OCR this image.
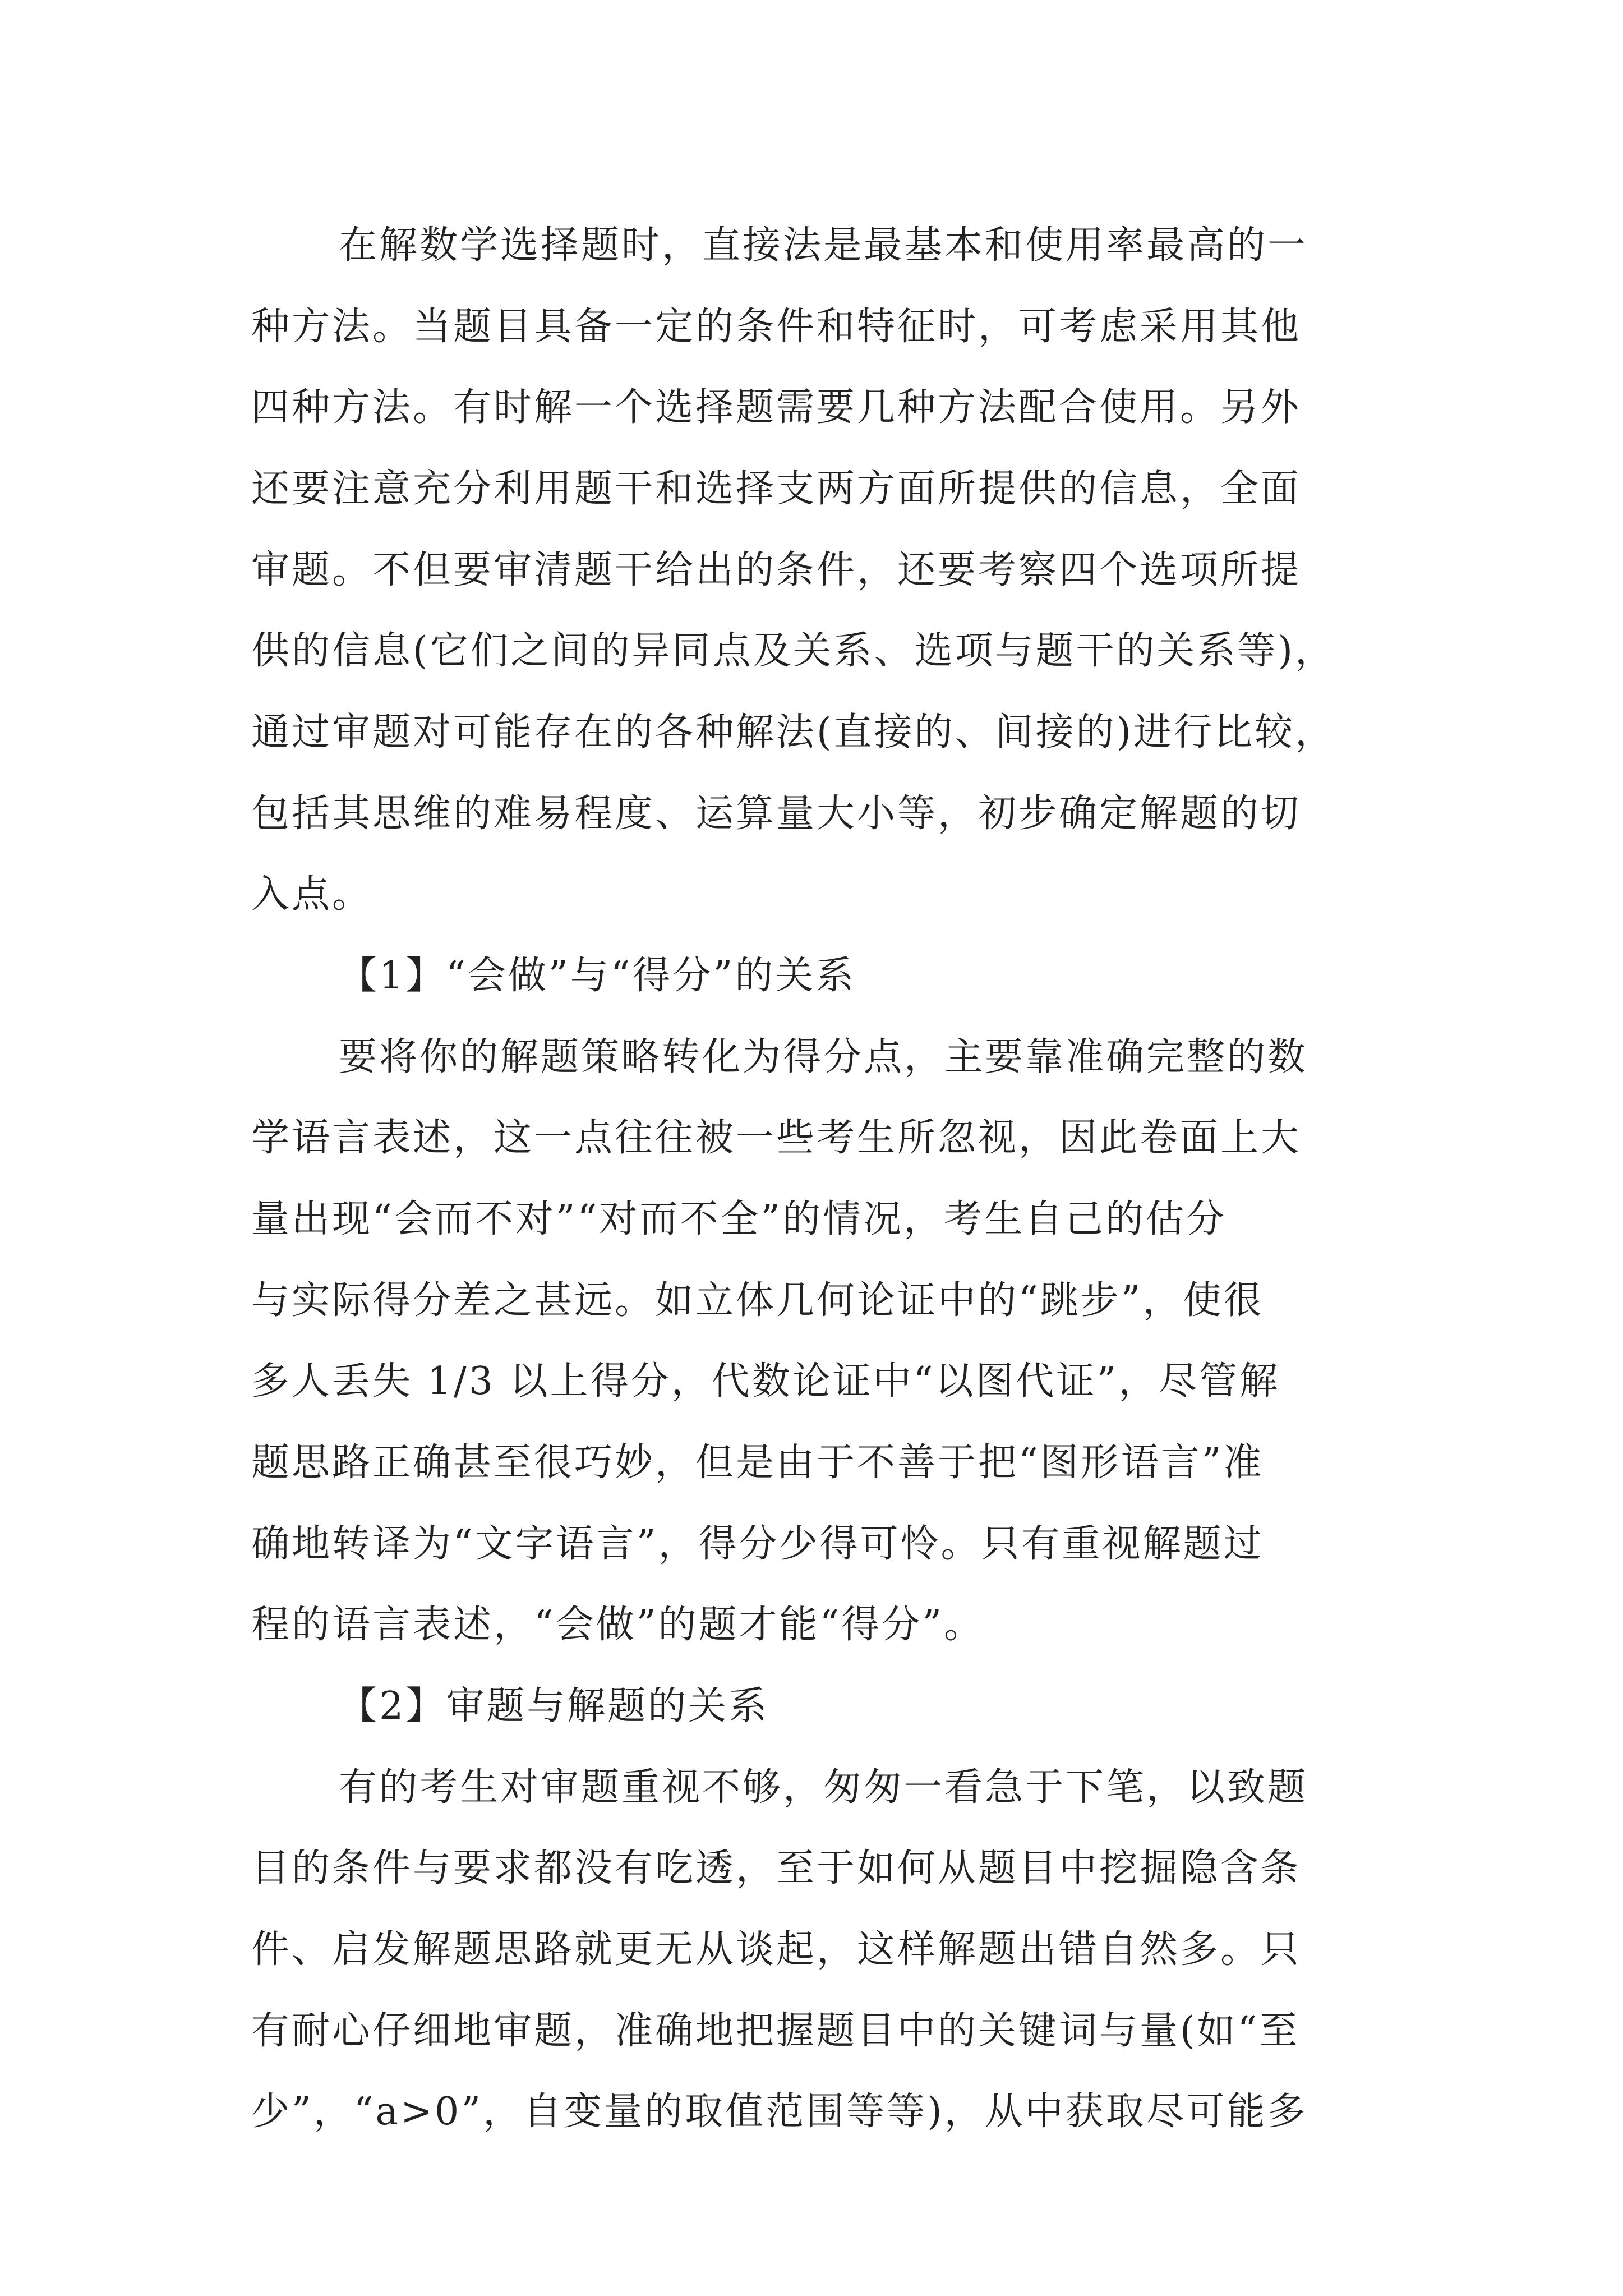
在解数学选择题时，直接法是最基本和使用率最高的一
种方法。当题目具备一定的条件和特征时，可考虑采用其他
四种方法。有时解一个选择题需要几种方法配合使用。另外
还要注意充分利用题干和选择支两方面所提供的信息，全面
审题。不但要审清题干给出的条件，还要考察四个选项所提
供的信息(它们之间的异同点及关系、选项与题干的关系等)，
通过审题对可能存在的各种解法(直接的、间接的)进行比较，
包括其思维的难易程度、运算量大小等，初步确定解题的切
入点。
【1】“会做”与“得分”的关系
要将你的解题策略转化为得分点，主要靠准确完整的数
学语言表述，这一点往往被一些考生所忽视，因此卷面上大
量出现“会而不对”“对而不全”的情况，考生自己的估分
与实际得分差之甚远。如立体几何论证中的“跳步”，使很
多人丢失 1/3 以上得分，代数论证中“以图代证”，尽管解
题思路正确甚至很巧妙，但是由于不善于把“图形语言”准
确地转译为“文字语言”，得分少得可怜。只有重视解题过
程的语言表述，“会做”的题才能“得分”。
【2】审题与解题的关系
有的考生对审题重视不够，匆匆一看急于下笔，以致题
目的条件与要求都没有吃透，至于如何从题目中挖掘隐含条
件、启发解题思路就更无从谈起，这样解题出错自然多。只
有耐心仔细地审题，准确地把握题目中的关键词与量(如“至
少”，“a>0”，自变量的取值范围等等)，从中获取尽可能多
